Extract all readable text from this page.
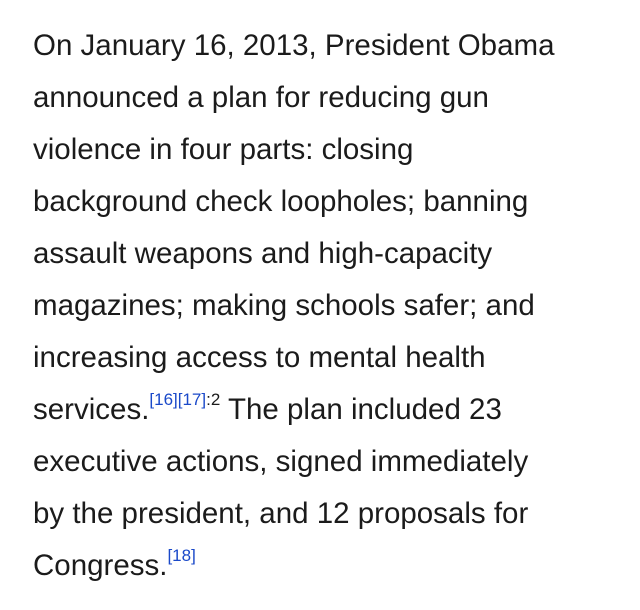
On January 16, 2013, President Obama
announced a plan for reducing gun
violence in four parts: closing
background check loopholes; banning
assault weapons and high-capacity
magazines; making schools safer; and
increasing access to mental health
services.$^{[16][17]:2}$ The plan included 23
executive actions, signed immediately
by the president, and 12 proposals for
Congress.[18]
